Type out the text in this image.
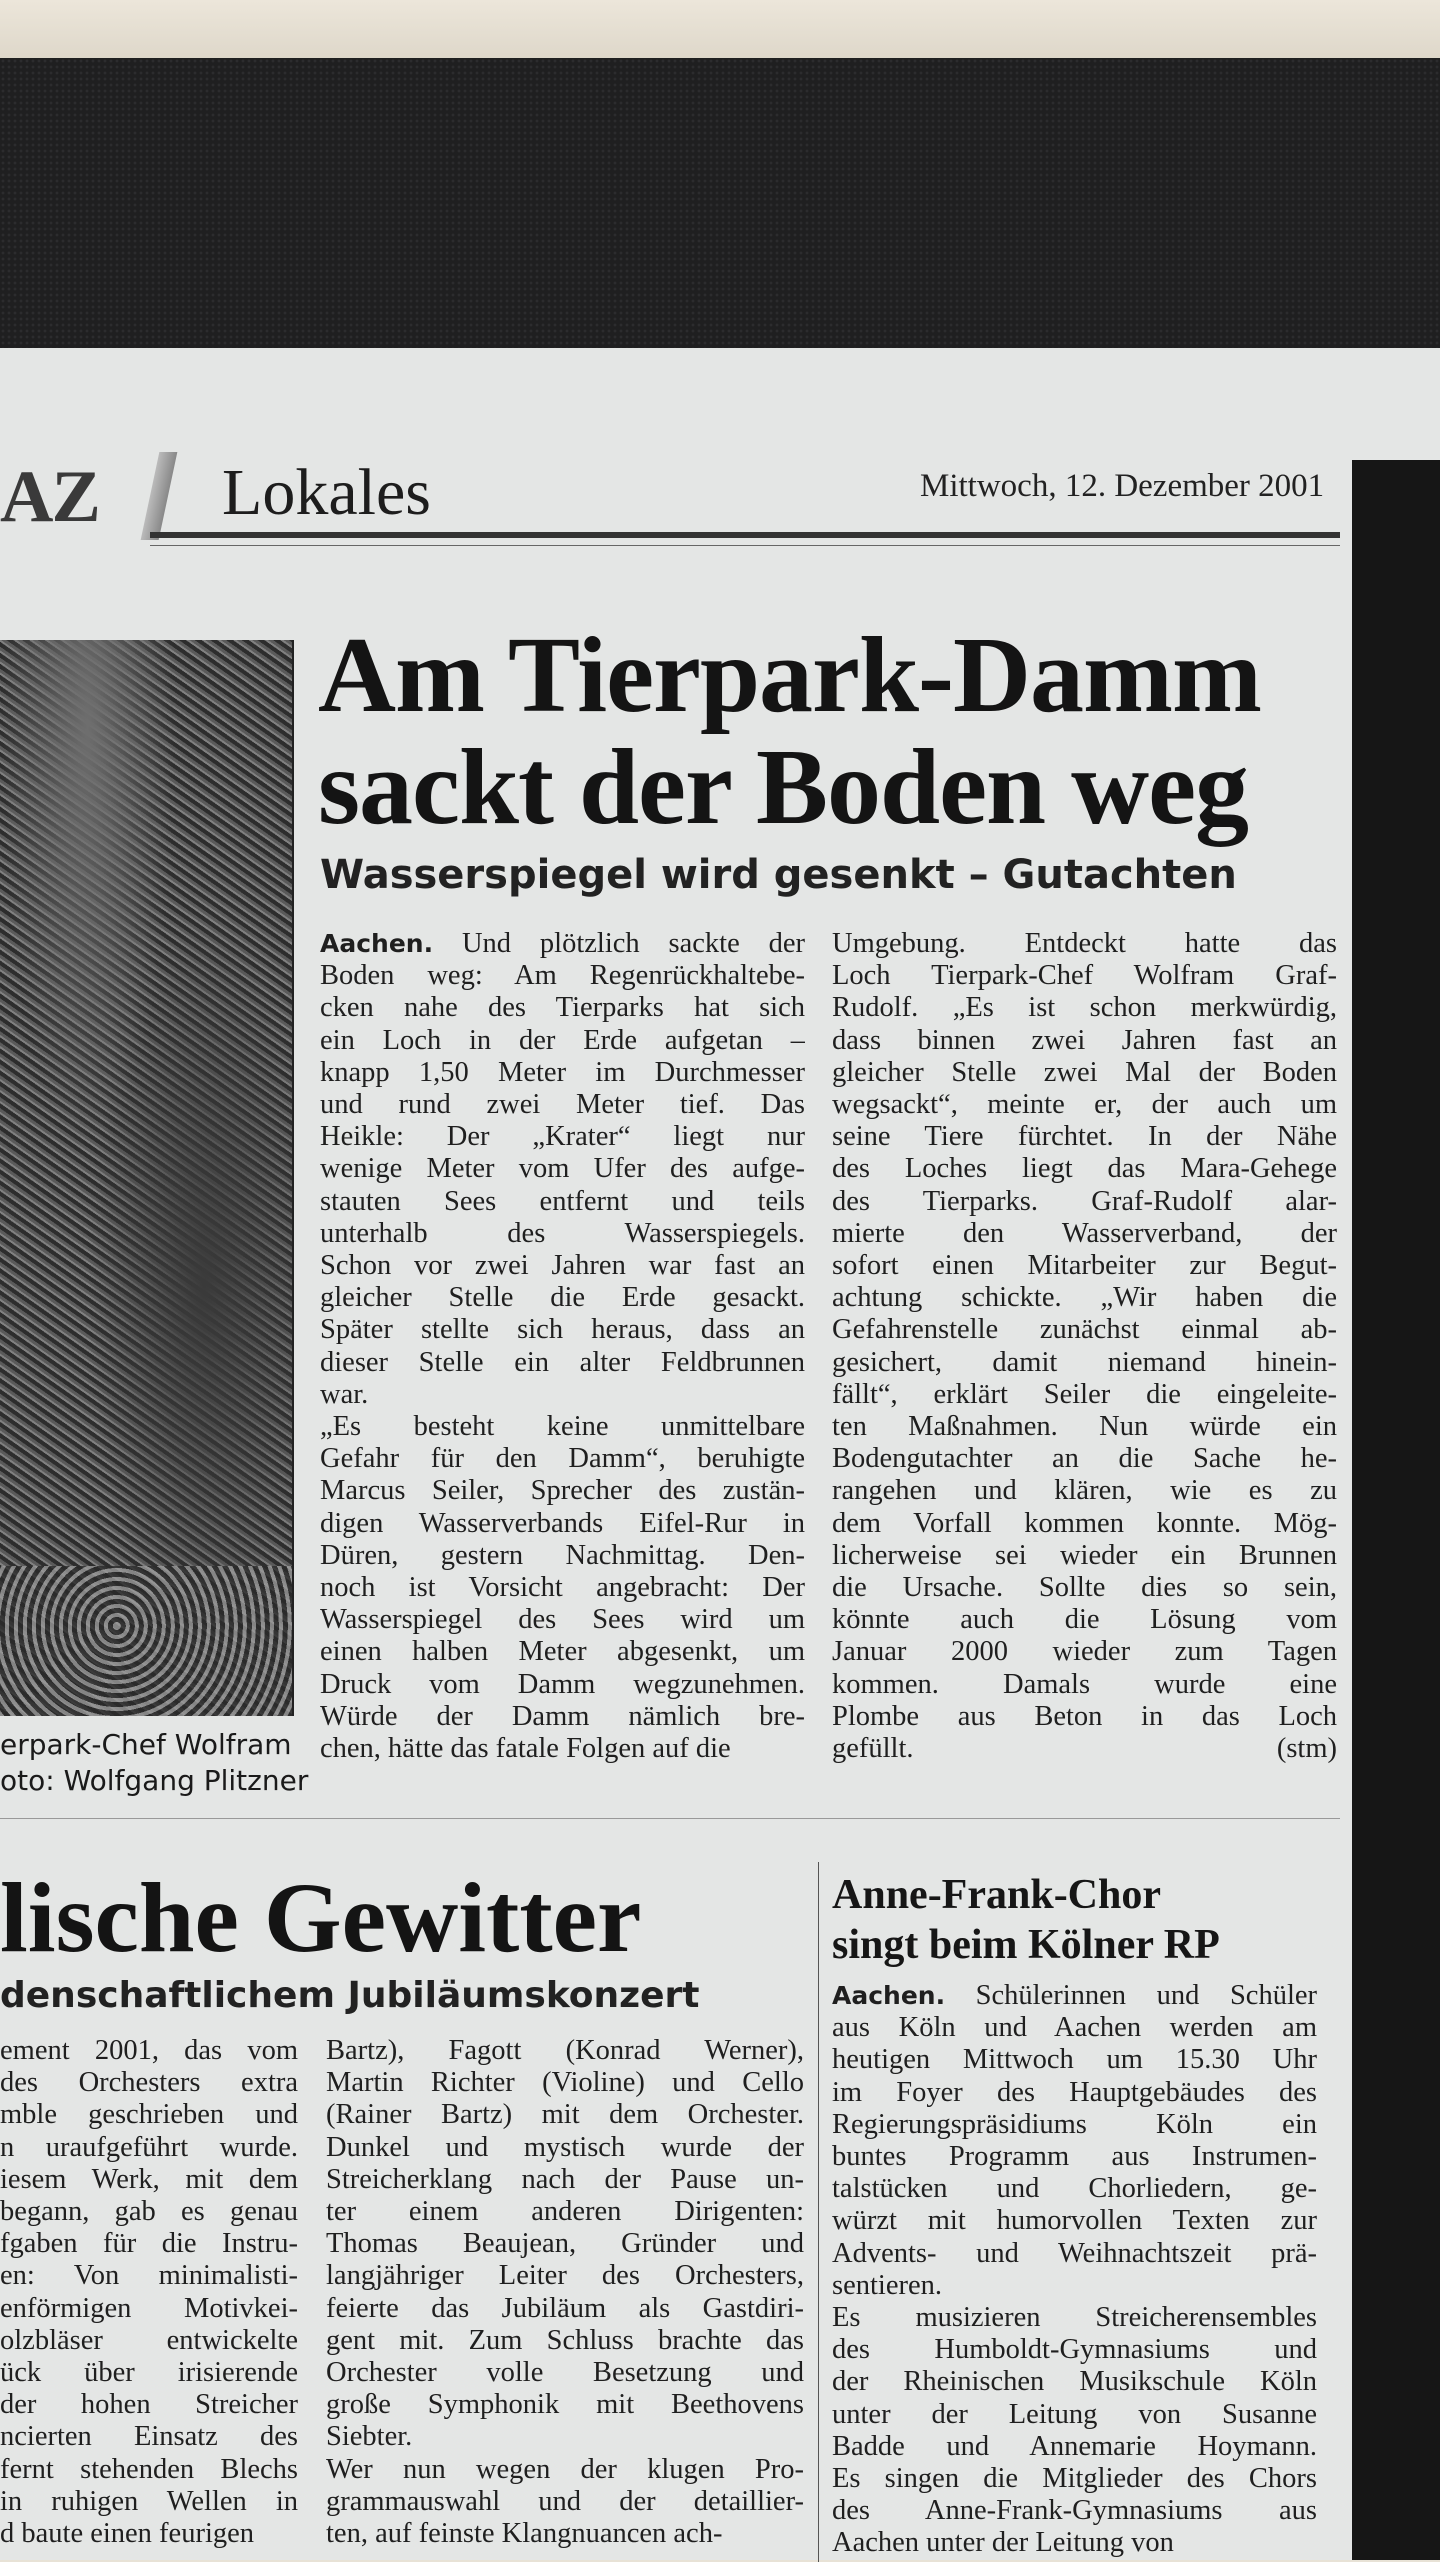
AZ Lokales	Mittwoch, 12. Dezember 2001
erpark-Chef Wolfram
oto: Wolfgang Plitzner
Am Tierpark-Damm
sackt der Boden weg
Wasserspiegel wird gesenkt – Gutachten
Aachen. Und plötzlich sackte der
Boden weg: Am Regenrückhaltebe-
cken nahe des Tierparks hat sich
ein Loch in der Erde aufgetan –
knapp 1,50 Meter im Durchmesser
und rund zwei Meter tief. Das
Heikle: Der „Krater“ liegt nur
wenige Meter vom Ufer des aufge-
stauten Sees entfernt und teils
unterhalb des Wasserspiegels.
Schon vor zwei Jahren war fast an
gleicher Stelle die Erde gesackt.
Später stellte sich heraus, dass an
dieser Stelle ein alter Feldbrunnen
war.
„Es besteht keine unmittelbare
Gefahr für den Damm“, beruhigte
Marcus Seiler, Sprecher des zustän-
digen Wasserverbands Eifel-Rur in
Düren, gestern Nachmittag. Den-
noch ist Vorsicht angebracht: Der
Wasserspiegel des Sees wird um
einen halben Meter abgesenkt, um
Druck vom Damm wegzunehmen.
Würde der Damm nämlich bre-
chen, hätte das fatale Folgen auf die
Umgebung. Entdeckt hatte das
Loch Tierpark-Chef Wolfram Graf-
Rudolf. „Es ist schon merkwürdig,
dass binnen zwei Jahren fast an
gleicher Stelle zwei Mal der Boden
wegsackt“, meinte er, der auch um
seine Tiere fürchtet. In der Nähe
des Loches liegt das Mara-Gehege
des Tierparks. Graf-Rudolf alar-
mierte den Wasserverband, der
sofort einen Mitarbeiter zur Begut-
achtung schickte. „Wir haben die
Gefahrenstelle zunächst einmal ab-
gesichert, damit niemand hinein-
fällt“, erklärt Seiler die eingeleite-
ten Maßnahmen. Nun würde ein
Bodengutachter an die Sache he-
rangehen und klären, wie es zu
dem Vorfall kommen konnte. Mög-
licherweise sei wieder ein Brunnen
die Ursache. Sollte dies so sein,
könnte auch die Lösung vom
Januar 2000 wieder zum Tagen
kommen. Damals wurde eine
Plombe aus Beton in das Loch
gefüllt.	(stm)
lische Gewitter
denschaftlichem Jubiläumskonzert
ement 2001, das vom
des Orchesters extra
mble geschrieben und
n uraufgeführt wurde.
iesem Werk, mit dem
begann, gab es genau
fgaben für die Instru-
en: Von minimalisti-
enförmigen Motivkei-
olzbläser entwickelte
ück über irisierende
der hohen Streicher
ncierten Einsatz des
fernt stehenden Blechs
in ruhigen Wellen in
d baute einen feurigen
Bartz), Fagott (Konrad Werner),
Martin Richter (Violine) und Cello
(Rainer Bartz) mit dem Orchester.
Dunkel und mystisch wurde der
Streicherklang nach der Pause un-
ter einem anderen Dirigenten:
Thomas Beaujean, Gründer und
langjähriger Leiter des Orchesters,
feierte das Jubiläum als Gastdiri-
gent mit. Zum Schluss brachte das
Orchester volle Besetzung und
große Symphonik mit Beethovens
Siebter.
Wer nun wegen der klugen Pro-
grammauswahl und der detaillier-
ten, auf feinste Klangnuancen ach-
Anne-Frank-Chor
singt beim Kölner RP
Aachen. Schülerinnen und Schüler
aus Köln und Aachen werden am
heutigen Mittwoch um 15.30 Uhr
im Foyer des Hauptgebäudes des
Regierungspräsidiums Köln ein
buntes Programm aus Instrumen-
talstücken und Chorliedern, ge-
würzt mit humorvollen Texten zur
Advents- und Weihnachtszeit prä-
sentieren.
Es musizieren Streicherensembles
des Humboldt-Gymnasiums und
der Rheinischen Musikschule Köln
unter der Leitung von Susanne
Badde und Annemarie Hoymann.
Es singen die Mitglieder des Chors
des Anne-Frank-Gymnasiums aus
Aachen unter der Leitung von
